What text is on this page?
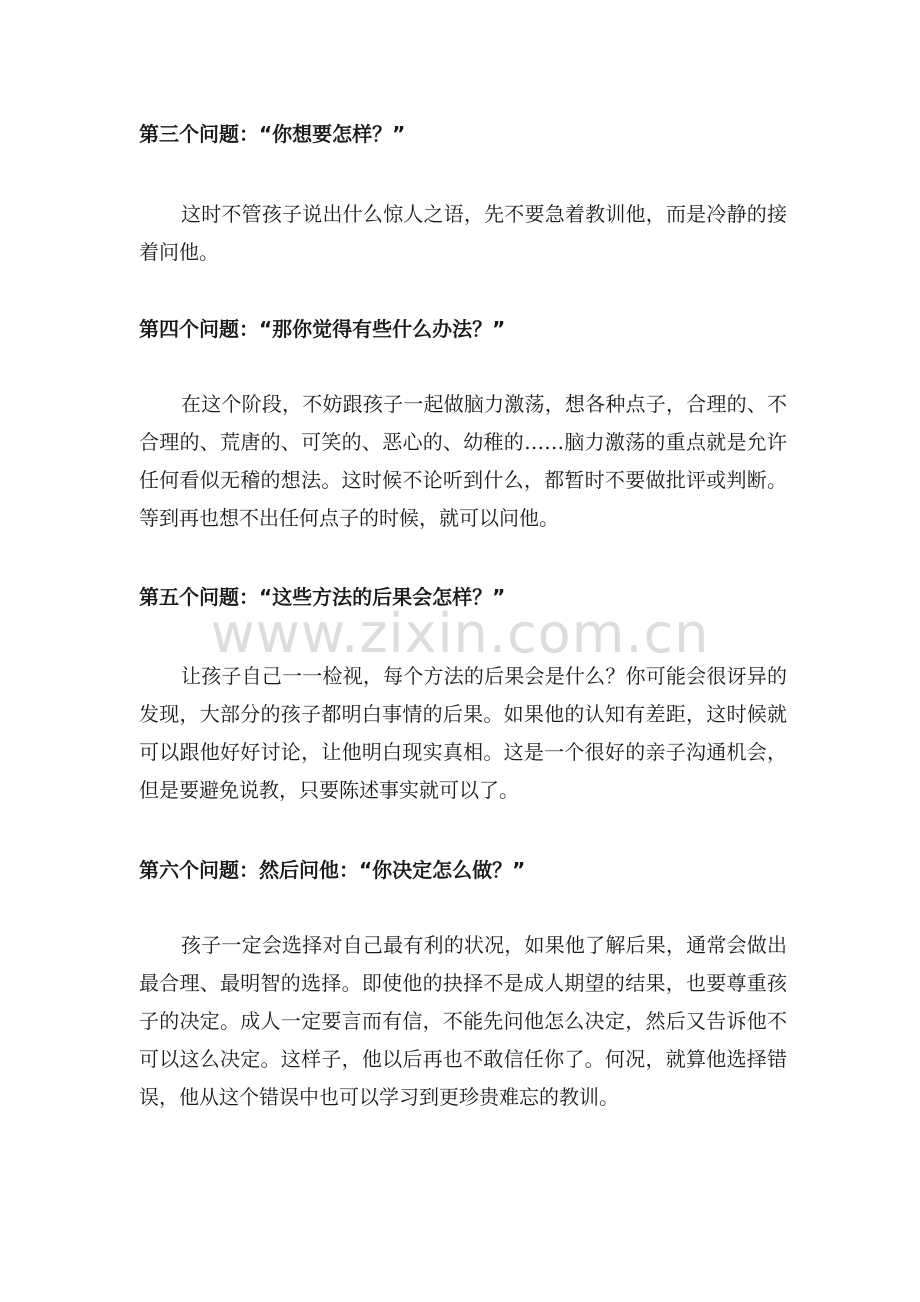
第三个问题：“你想要怎样？”
这时不管孩子说出什么惊人之语，先不要急着教训他，而是冷静的接着问他。
第四个问题：“那你觉得有些什么办法？”
在这个阶段，不妨跟孩子一起做脑力激荡，想各种点子，合理的、不合理的、荒唐的、可笑的、恶心的、幼稚的……脑力激荡的重点就是允许任何看似无稽的想法。这时候不论听到什么，都暂时不要做批评或判断。等到再也想不出任何点子的时候，就可以问他。
第五个问题：“这些方法的后果会怎样？”
www.zixin.com.cn
让孩子自己一一检视，每个方法的后果会是什么？你可能会很讶异的发现，大部分的孩子都明白事情的后果。如果他的认知有差距，这时候就可以跟他好好讨论，让他明白现实真相。这是一个很好的亲子沟通机会，但是要避免说教，只要陈述事实就可以了。
第六个问题：然后问他：“你决定怎么做？”
孩子一定会选择对自己最有利的状况，如果他了解后果，通常会做出最合理、最明智的选择。即使他的抉择不是成人期望的结果，也要尊重孩子的决定。成人一定要言而有信，不能先问他怎么决定，然后又告诉他不可以这么决定。这样子，他以后再也不敢信任你了。何况，就算他选择错误，他从这个错误中也可以学习到更珍贵难忘的教训。
